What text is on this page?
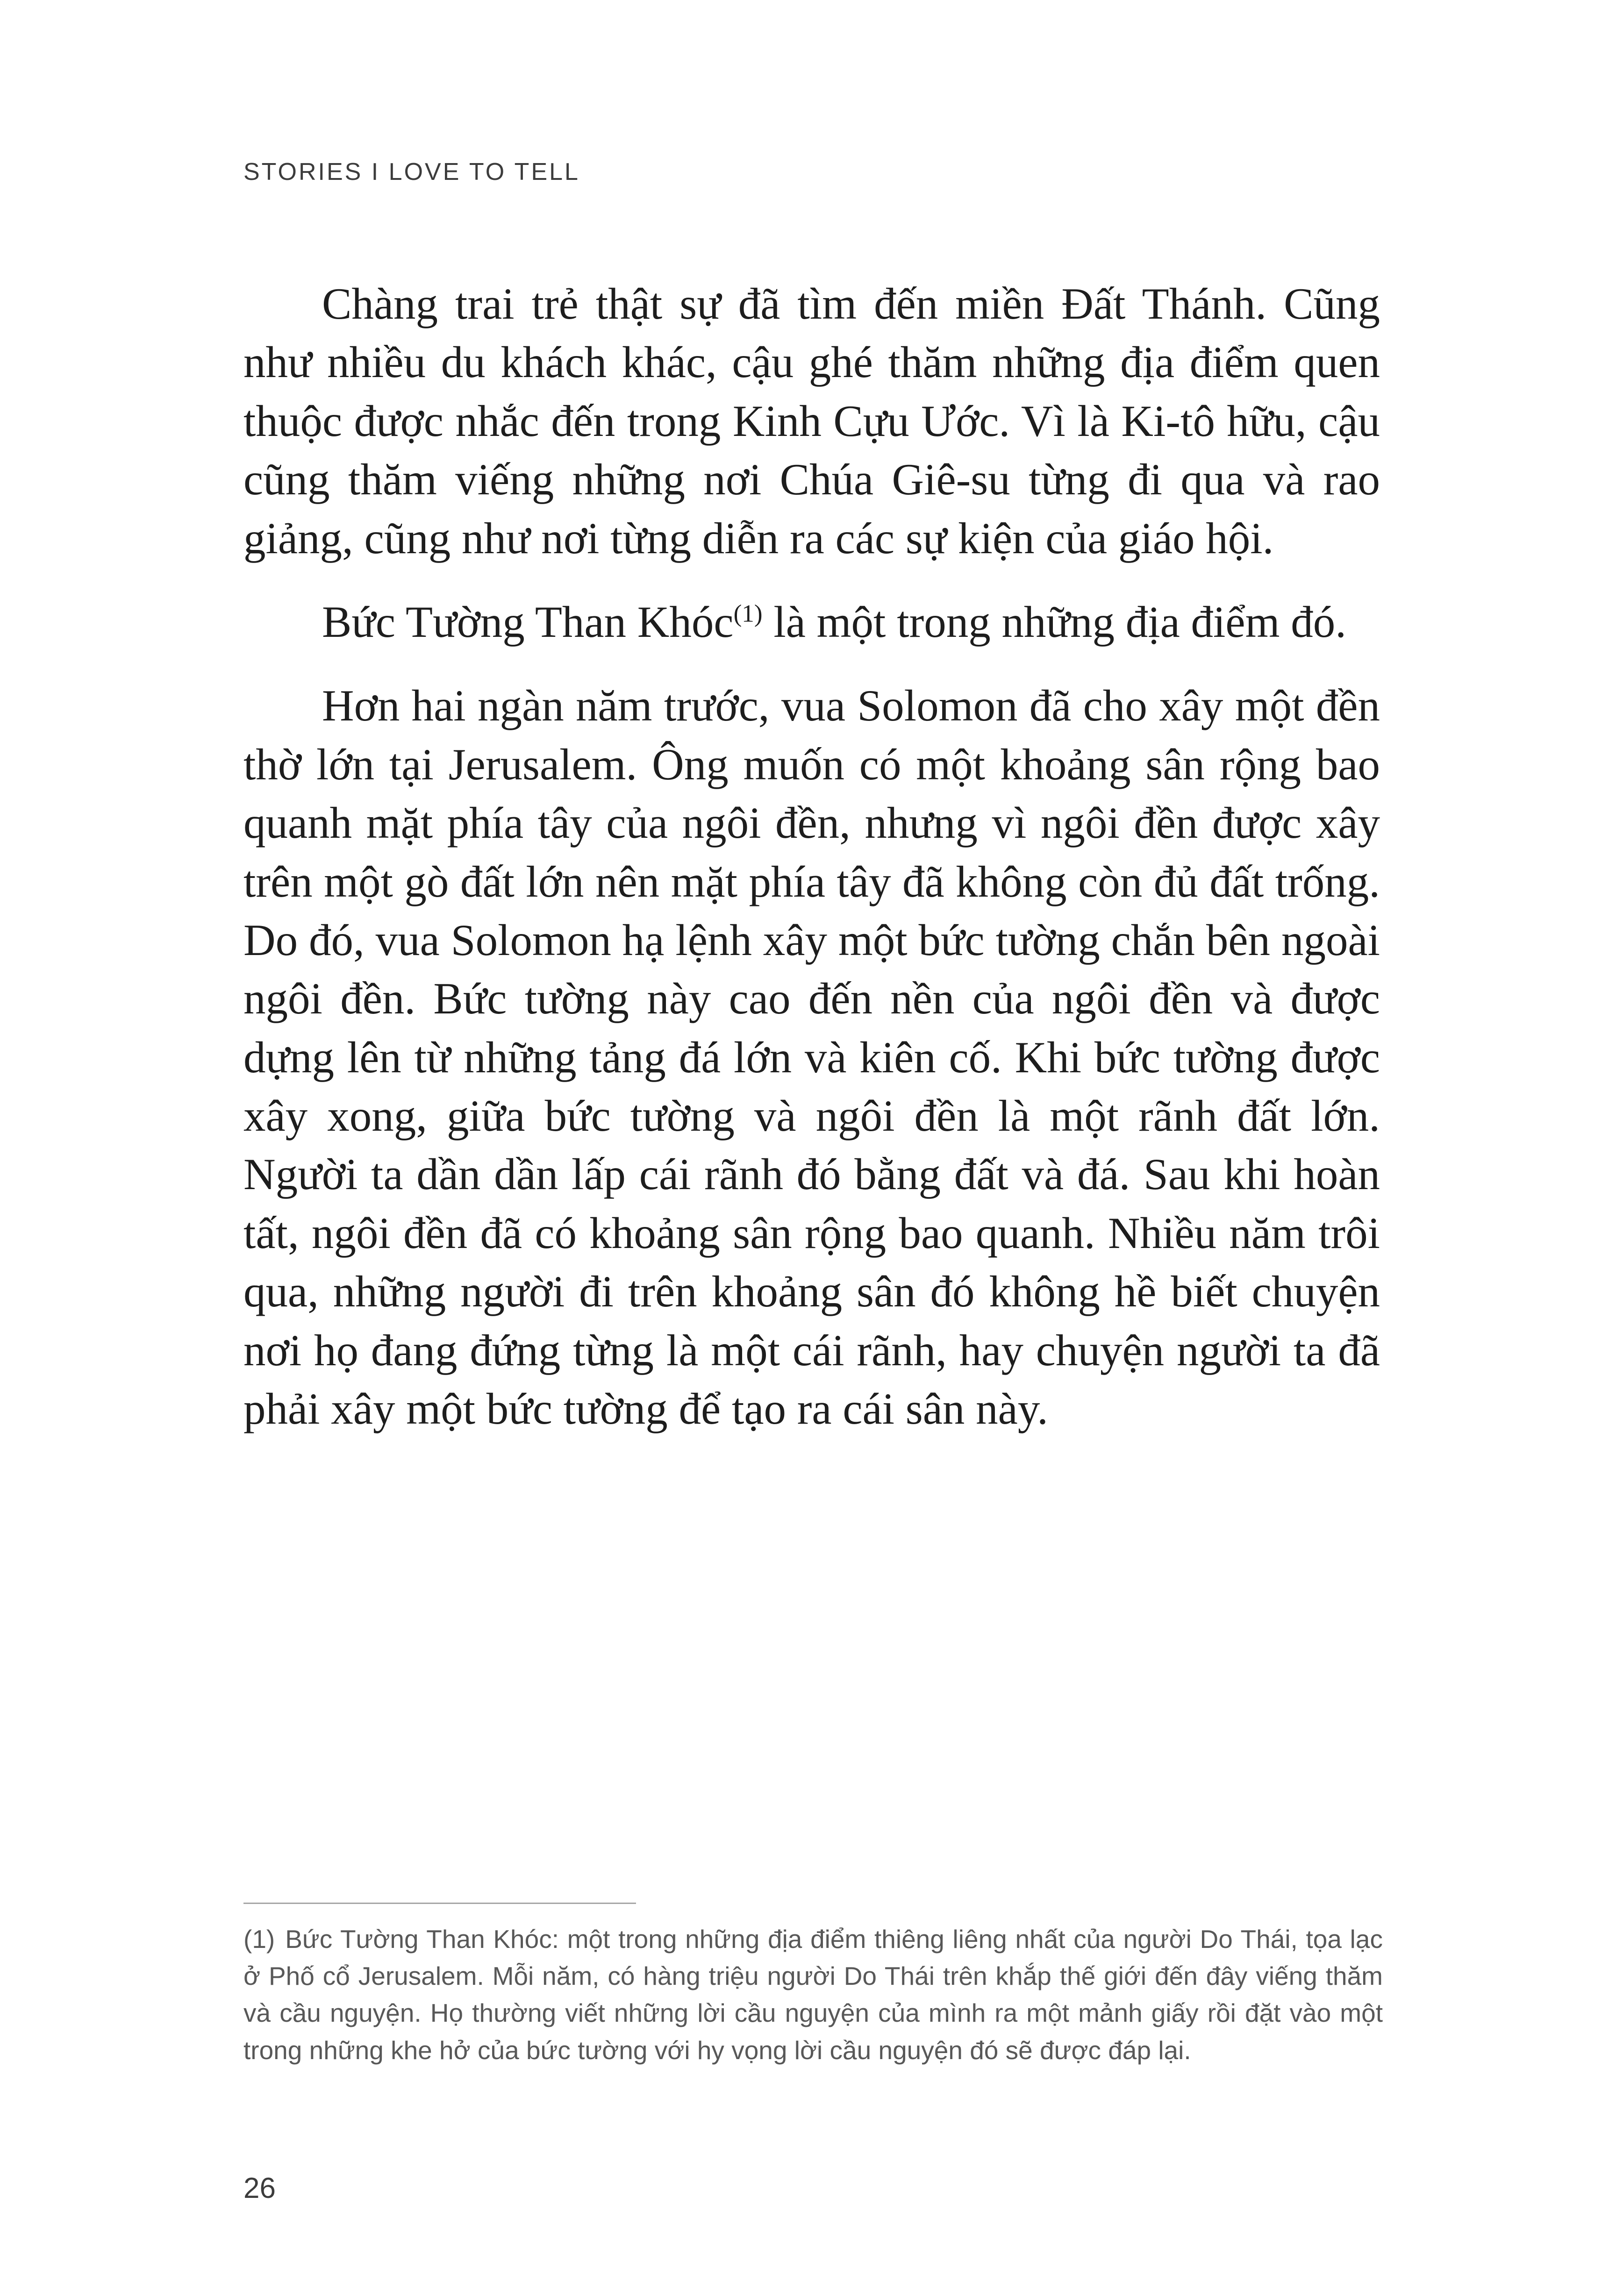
STORIES I LOVE TO TELL

Chàng trai trẻ thật sự đã tìm đến miền Đất Thánh. Cũng như nhiều du khách khác, cậu ghé thăm những địa điểm quen thuộc được nhắc đến trong Kinh Cựu Ước. Vì là Ki-tô hữu, cậu cũng thăm viếng những nơi Chúa Giê-su từng đi qua và rao giảng, cũng như nơi từng diễn ra các sự kiện của giáo hội.

Bức Tường Than Khóc$^{(1)}$ là một trong những địa điểm đó.

Hơn hai ngàn năm trước, vua Solomon đã cho xây một đền thờ lớn tại Jerusalem. Ông muốn có một khoảng sân rộng bao quanh mặt phía tây của ngôi đền, nhưng vì ngôi đền được xây trên một gò đất lớn nên mặt phía tây đã không còn đủ đất trống. Do đó, vua Solomon hạ lệnh xây một bức tường chắn bên ngoài ngôi đền. Bức tường này cao đến nền của ngôi đền và được dựng lên từ những tảng đá lớn và kiên cố. Khi bức tường được xây xong, giữa bức tường và ngôi đền là một rãnh đất lớn. Người ta dần dần lấp cái rãnh đó bằng đất và đá. Sau khi hoàn tất, ngôi đền đã có khoảng sân rộng bao quanh. Nhiều năm trôi qua, những người đi trên khoảng sân đó không hề biết chuyện nơi họ đang đứng từng là một cái rãnh, hay chuyện người ta đã phải xây một bức tường để tạo ra cái sân này.

(1) Bức Tường Than Khóc: một trong những địa điểm thiêng liêng nhất của người Do Thái, tọa lạc ở Phố cổ Jerusalem. Mỗi năm, có hàng triệu người Do Thái trên khắp thế giới đến đây viếng thăm và cầu nguyện. Họ thường viết những lời cầu nguyện của mình ra một mảnh giấy rồi đặt vào một trong những khe hở của bức tường với hy vọng lời cầu nguyện đó sẽ được đáp lại.
26
